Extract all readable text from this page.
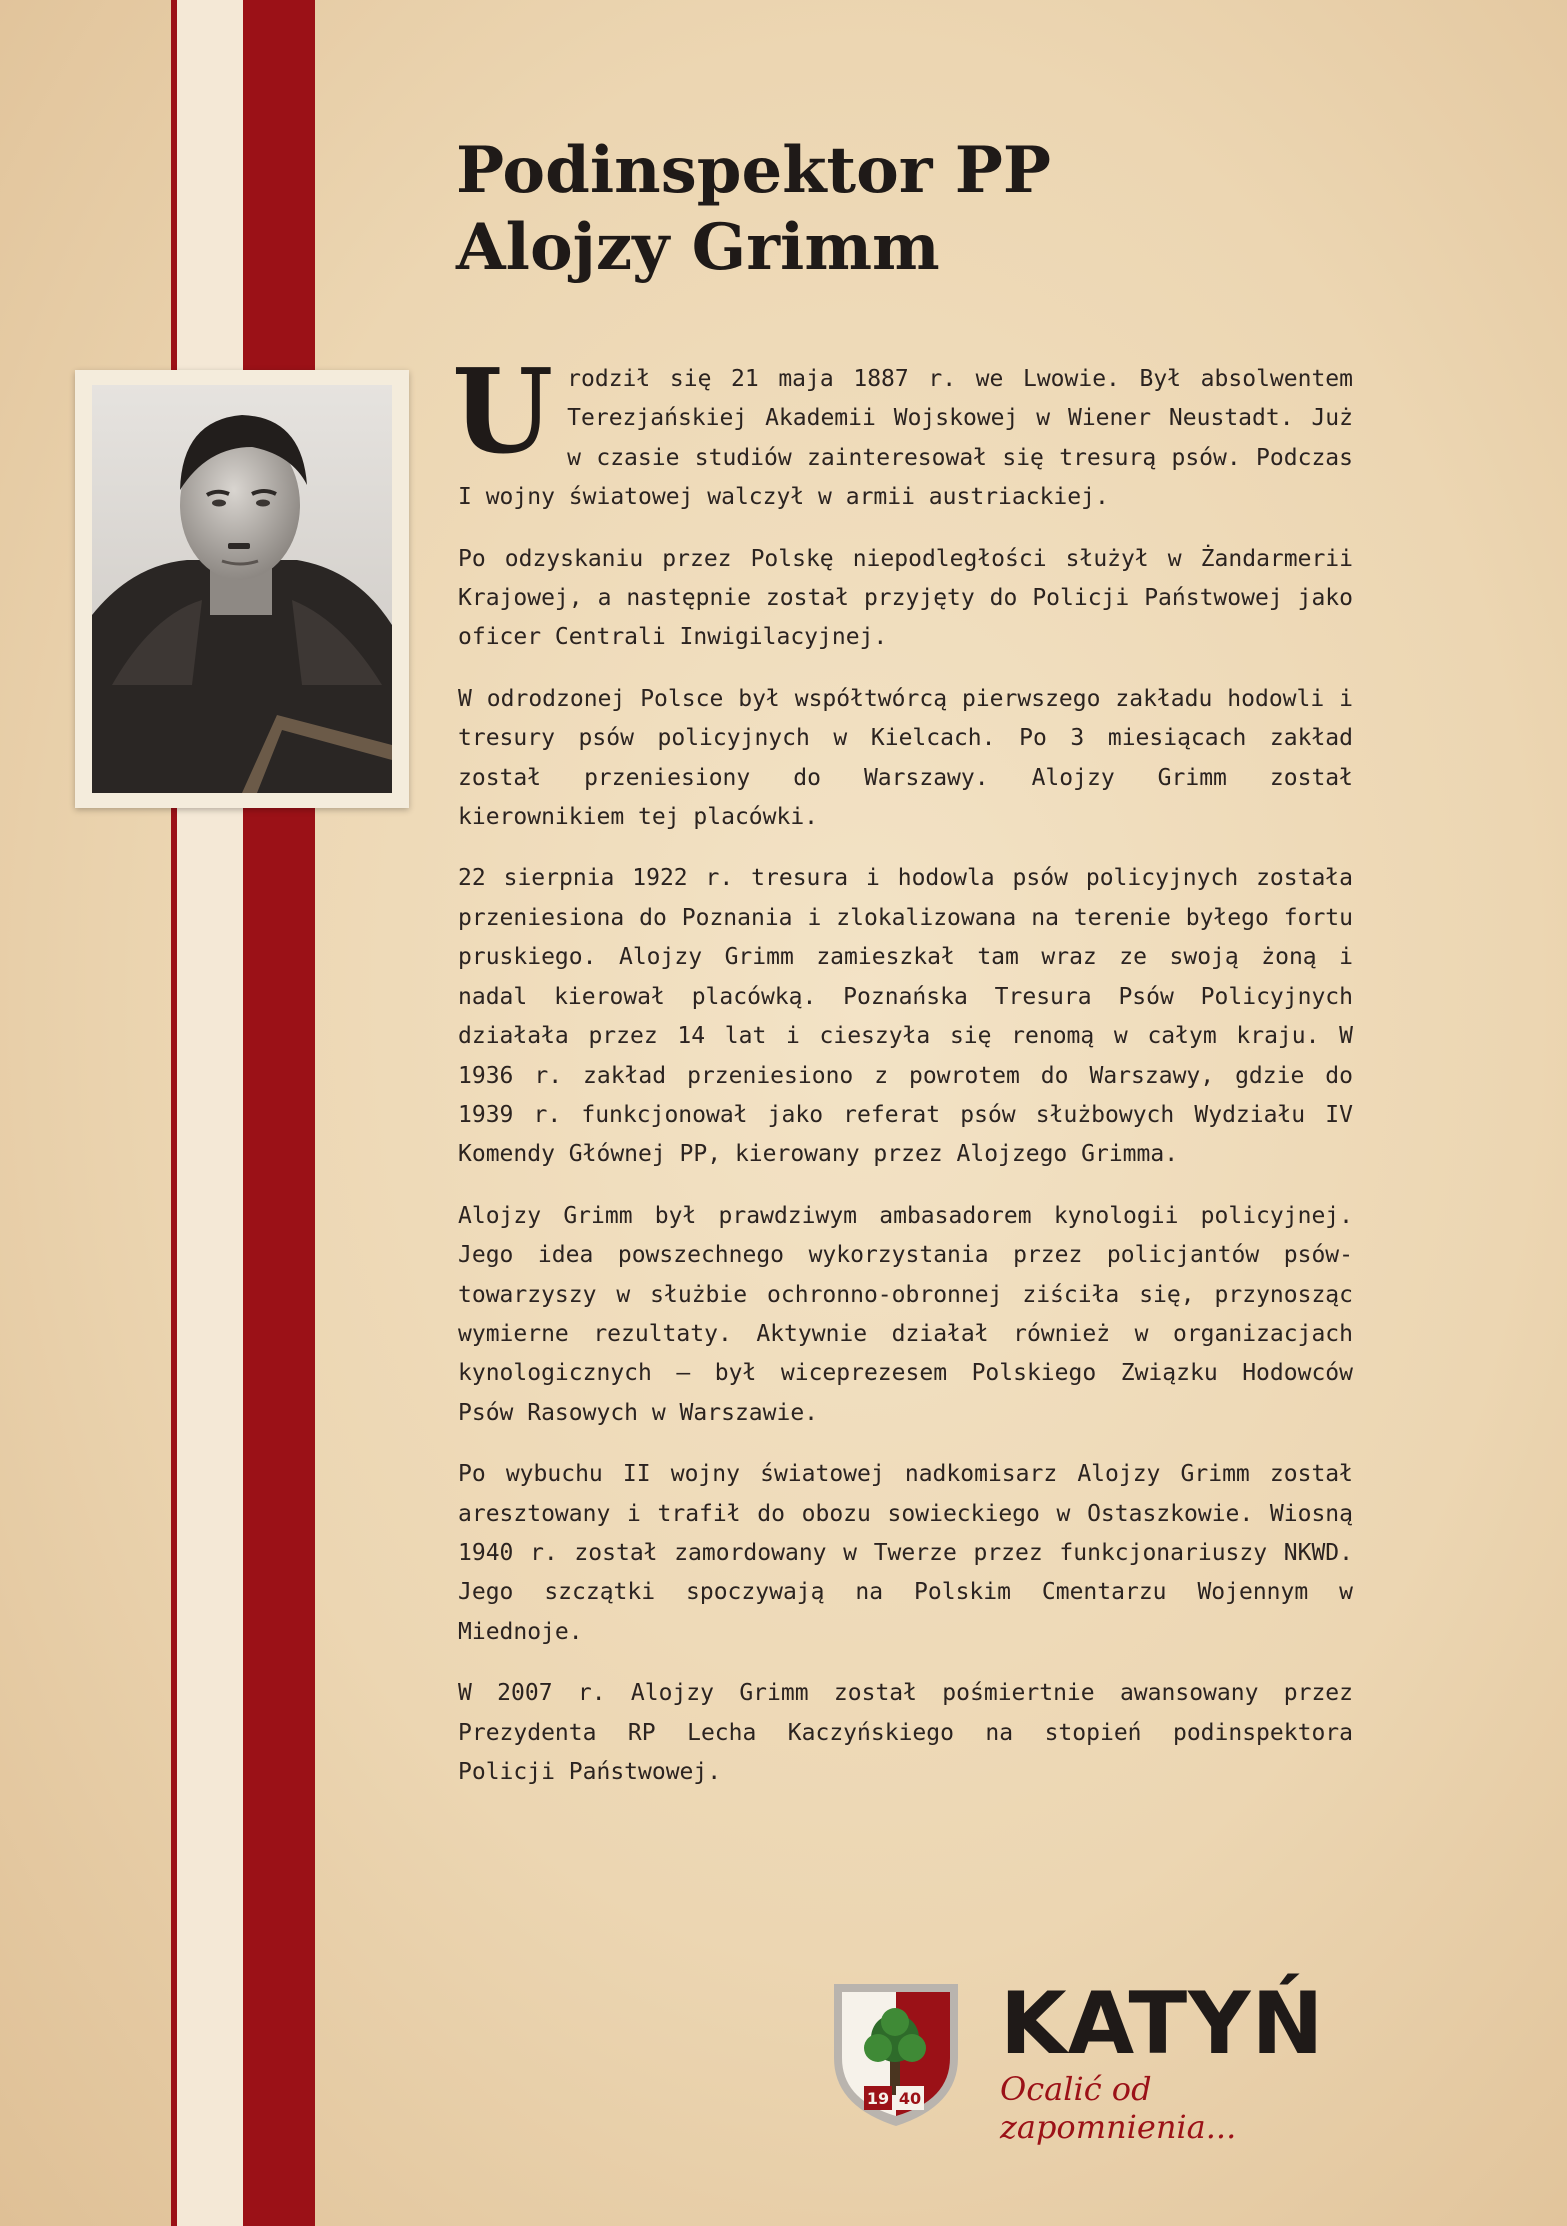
Podinspektor PP
Alojzy Grimm

Urodził się 21 maja 1887 r. we Lwowie. Był absolwentem Terezjańskiej Akademii Wojskowej w Wiener Neustadt. Już w czasie studiów zainteresował się tresurą psów. Podczas I wojny światowej walczył w armii austriackiej.

Po odzyskaniu przez Polskę niepodległości służył w Żandarmerii Krajowej, a następnie został przyjęty do Policji Państwowej jako oficer Centrali Inwigilacyjnej.

W odrodzonej Polsce był współtwórcą pierwszego zakładu hodowli i tresury psów policyjnych w Kielcach. Po 3 miesiącach zakład został przeniesiony do Warszawy. Alojzy Grimm został kierownikiem tej placówki.

22 sierpnia 1922 r. tresura i hodowla psów policyjnych została przeniesiona do Poznania i zlokalizowana na terenie byłego fortu pruskiego. Alojzy Grimm zamieszkał tam wraz ze swoją żoną i nadal kierował placówką. Poznańska Tresura Psów Policyjnych działała przez 14 lat i cieszyła się renomą w całym kraju. W 1936 r. zakład przeniesiono z powrotem do Warszawy, gdzie do 1939 r. funkcjonował jako referat psów służbowych Wydziału IV Komendy Głównej PP, kierowany przez Alojzego Grimma.

Alojzy Grimm był prawdziwym ambasadorem kynologii policyjnej. Jego idea powszechnego wykorzystania przez policjantów psów-towarzyszy w służbie ochronno-obronnej ziściła się, przynosząc wymierne rezultaty. Aktywnie działał również w organizacjach kynologicznych – był wiceprezesem Polskiego Związku Hodowców Psów Rasowych w Warszawie.

Po wybuchu II wojny światowej nadkomisarz Alojzy Grimm został aresztowany i trafił do obozu sowieckiego w Ostaszkowie. Wiosną 1940 r. został zamordowany w Twerze przez funkcjonariuszy NKWD. Jego szczątki spoczywają na Polskim Cmentarzu Wojennym w Miednoje.

W 2007 r. Alojzy Grimm został pośmiertnie awansowany przez Prezydenta RP Lecha Kaczyńskiego na stopień podinspektora Policji Państwowej.

19 40
KATYŃ
Ocalić od zapomnienia...
